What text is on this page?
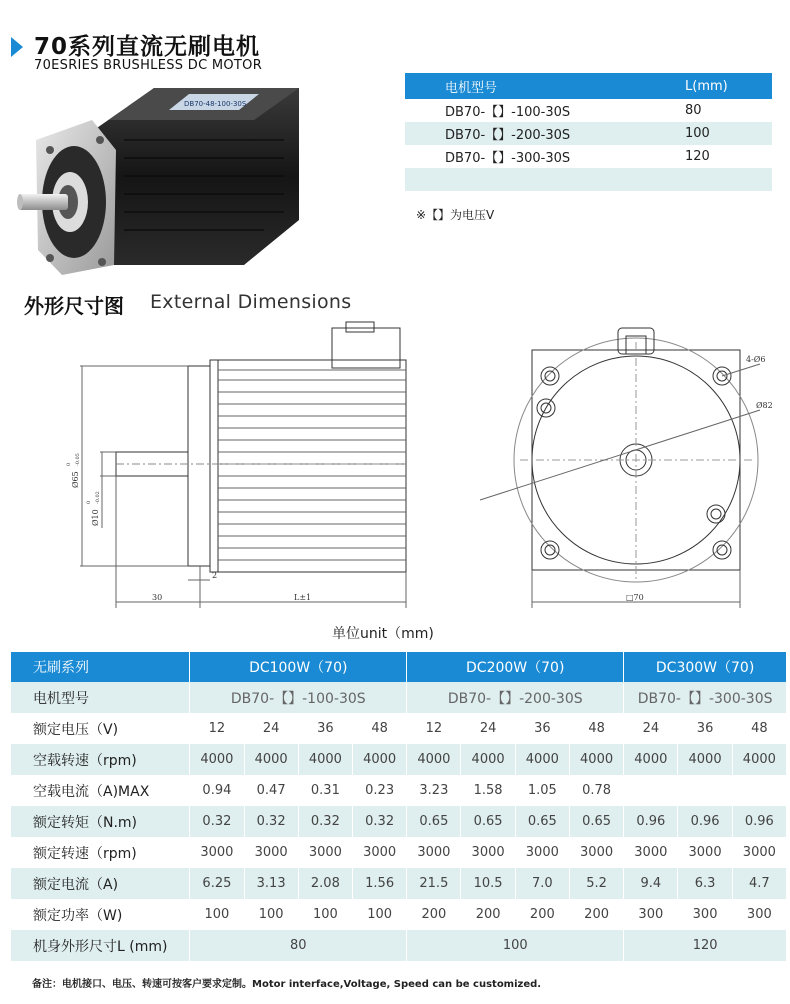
70系列直流无刷电机
70ESRIES BRUSHLESS DC MOTOR
DB70-48-100-30S
电机型号	L(mm)
DB70-【】-100-30S	80
DB70-【】-200-30S	100
DB70-【】-300-30S	120

※【】为电压V
外形尺寸图 External Dimensions
30	L±1
2
Ø65
0 -0.05
Ø10
0 -0.02
4-Ø6
Ø82
□70
单位unit（mm)
无刷系列	DC100W（70)				DC200W（70)				DC300W（70)		
电机型号	DB70-【】-100-30S				DB70-【】-200-30S				DB70-【】-300-30S		
额定电压（V)	12	24	36	48	12	24	36	48	24	36	48
空载转速（rpm)	4000	4000	4000	4000	4000	4000	4000	4000	4000	4000	4000
空载电流（A)MAX	0.94	0.47	0.31	0.23	3.23	1.58	1.05	0.78			
额定转矩（N.m)	0.32	0.32	0.32	0.32	0.65	0.65	0.65	0.65	0.96	0.96	0.96
额定转速（rpm)	3000	3000	3000	3000	3000	3000	3000	3000	3000	3000	3000
额定电流（A)	6.25	3.13	2.08	1.56	21.5	10.5	7.0	5.2	9.4	6.3	4.7
额定功率（W)	100	100	100	100	200	200	200	200	300	300	300
机身外形尺寸L (mm)	80				100				120		
备注：电机接口、电压、转速可按客户要求定制。Motor interface,Voltage, Speed can be customized.
